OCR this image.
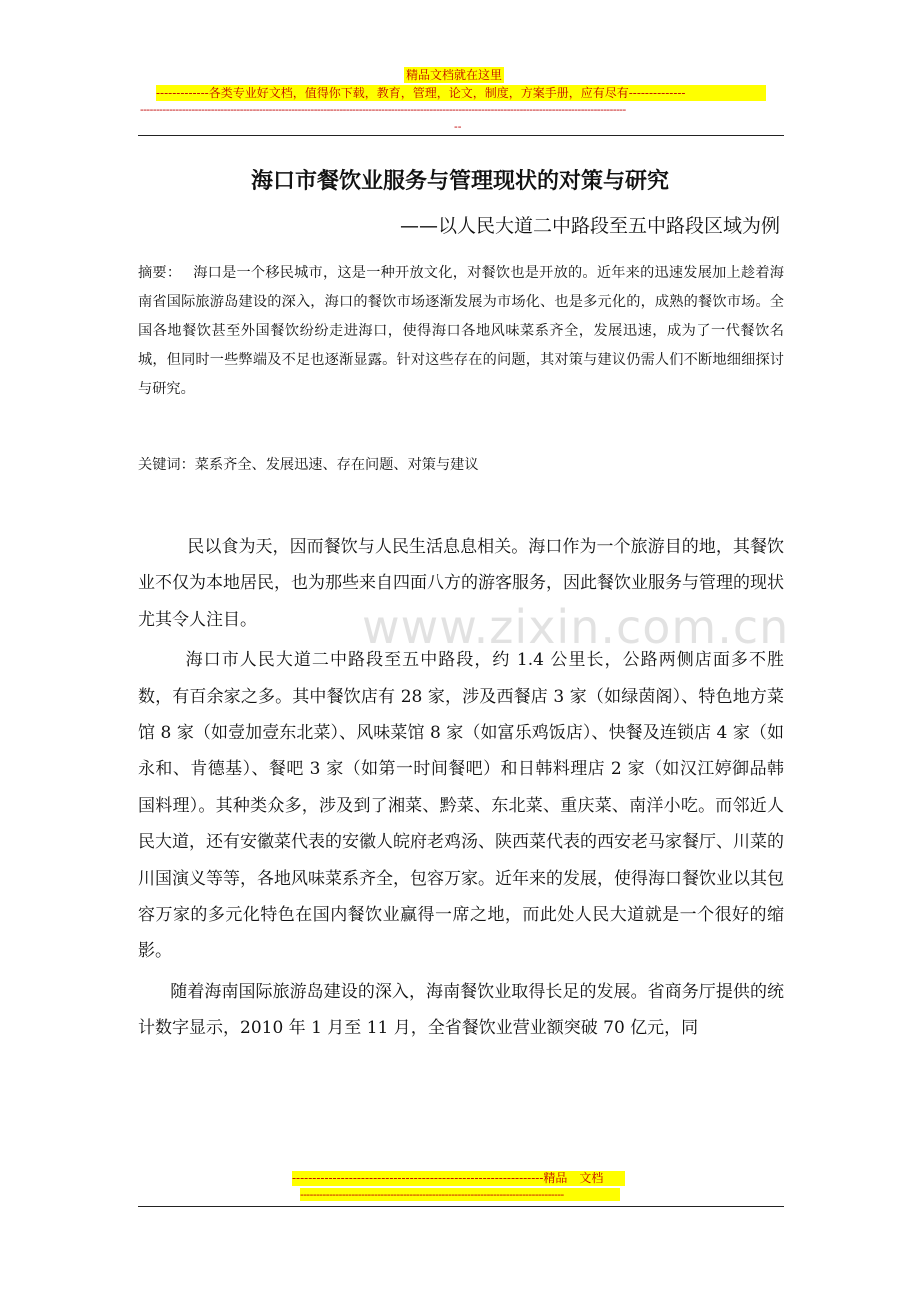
精品文档就在这里
-------------各类专业好文档，值得你下载，教育，管理，论文，制度，方案手册，应有尽有--------------
-------------------------------------------------------------------------------------------------------------------------------------------------------
--
海口市餐饮业服务与管理现状的对策与研究
——以人民大道二中路段至五中路段区域为例
摘要： 海口是一个移民城市，这是一种开放文化，对餐饮也是开放的。近年来的迅速发展加上趁着海南省国际旅游岛建设的深入，海口的餐饮市场逐渐发展为市场化、也是多元化的，成熟的餐饮市场。全国各地餐饮甚至外国餐饮纷纷走进海口，使得海口各地风味菜系齐全，发展迅速，成为了一代餐饮名城，但同时一些弊端及不足也逐渐显露。针对这些存在的问题，其对策与建议仍需人们不断地细细探讨与研究。
关键词：菜系齐全、发展迅速、存在问题、对策与建议
www.zixin.com.cn

民以食为天，因而餐饮与人民生活息息相关。海口作为一个旅游目的地，其餐饮业不仅为本地居民，也为那些来自四面八方的游客服务，因此餐饮业服务与管理的现状尤其令人注目。

海口市人民大道二中路段至五中路段，约 1.4 公里长，公路两侧店面多不胜数，有百余家之多。其中餐饮店有 28 家，涉及西餐店 3 家（如绿茵阁）、特色地方菜馆 8 家（如壹加壹东北菜）、风味菜馆 8 家（如富乐鸡饭店）、快餐及连锁店 4 家（如永和、肯德基）、餐吧 3 家（如第一时间餐吧）和日韩料理店 2 家（如汉江婷御品韩国料理）。其种类众多，涉及到了湘菜、黔菜、东北菜、重庆菜、南洋小吃。而邻近人民大道，还有安徽菜代表的安徽人皖府老鸡汤、陕西菜代表的西安老马家餐厅、川菜的川国演义等等，各地风味菜系齐全，包容万家。近年来的发展，使得海口餐饮业以其包容万家的多元化特色在国内餐饮业赢得一席之地，而此处人民大道就是一个很好的缩影。

随着海南国际旅游岛建设的深入，海南餐饮业取得长足的发展。省商务厅提供的统计数字显示，2010 年 1 月至 11 月，全省餐饮业营业额突破 70 亿元，同

--------------------------------------------------------------精品　文档
----------------------------------------------------------------------------------
